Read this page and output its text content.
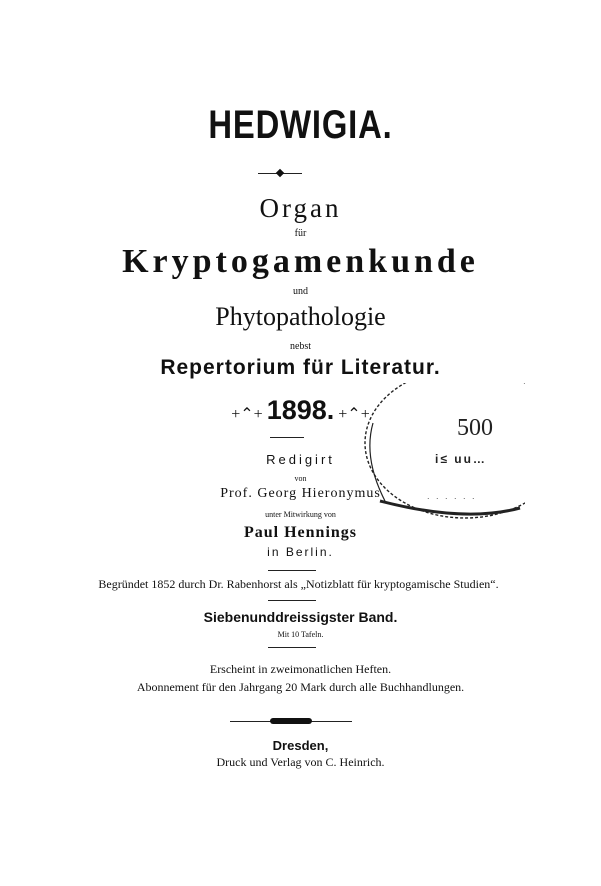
HEDWIGIA.
Organ
für
Kryptogamenkunde
und
Phytopathologie
nebst
Repertorium für Literatur.
+⌃+ 1898. +⌃+
Redigirt
von
Prof. Georg Hieronymus
unter Mitwirkung von
Paul Hennings
in Berlin.
Begründet 1852 durch Dr. Rabenhorst als „Notizblatt für kryptogamische Studien“.
Siebenunddreissigster Band.
Mit 10 Tafeln.
Erscheint in zweimonatlichen Heften.
Abonnement für den Jahrgang 20 Mark durch alle Buchhandlungen.
Dresden,
Druck und Verlag von C. Heinrich.
500
i≤ uu…
. . . . . .
